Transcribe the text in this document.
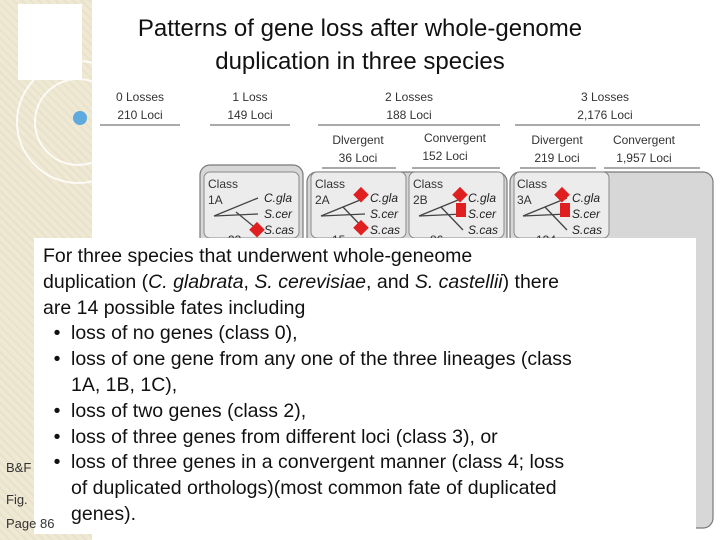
Patterns of gene loss after whole-genome
duplication in three species
0 Losses
210 Loci
1 Loss
149 Loci
2 Losses
188 Loci
3 Losses
2,176 Loci
Dlvergent
36 Loci
Convergent
152 Loci
Divergent
219 Loci
Convergent
1,957 Loci
Class
1A	C.gla
S.cer
S.cas
Class
2A	C.gla
S.cer
S.cas
Class
2B	C.gla
S.cer
S.cas
Class
3A	C.gla
S.cer
S.cas
For three species that underwent whole-geneome
duplication (C. glabrata, S. cerevisiae, and S. castellii) there
are 14 possible fates including
• loss of no genes (class 0),
• loss of one gene from any one of the three lineages (class
1A, 1B, 1C),
• loss of two genes (class 2),
• loss of three genes from different loci (class 3), or
• loss of three genes in a convergent manner (class 4; loss
of duplicated orthologs)(most common fate of duplicated
genes).
B&F
Fig.
Page 86
